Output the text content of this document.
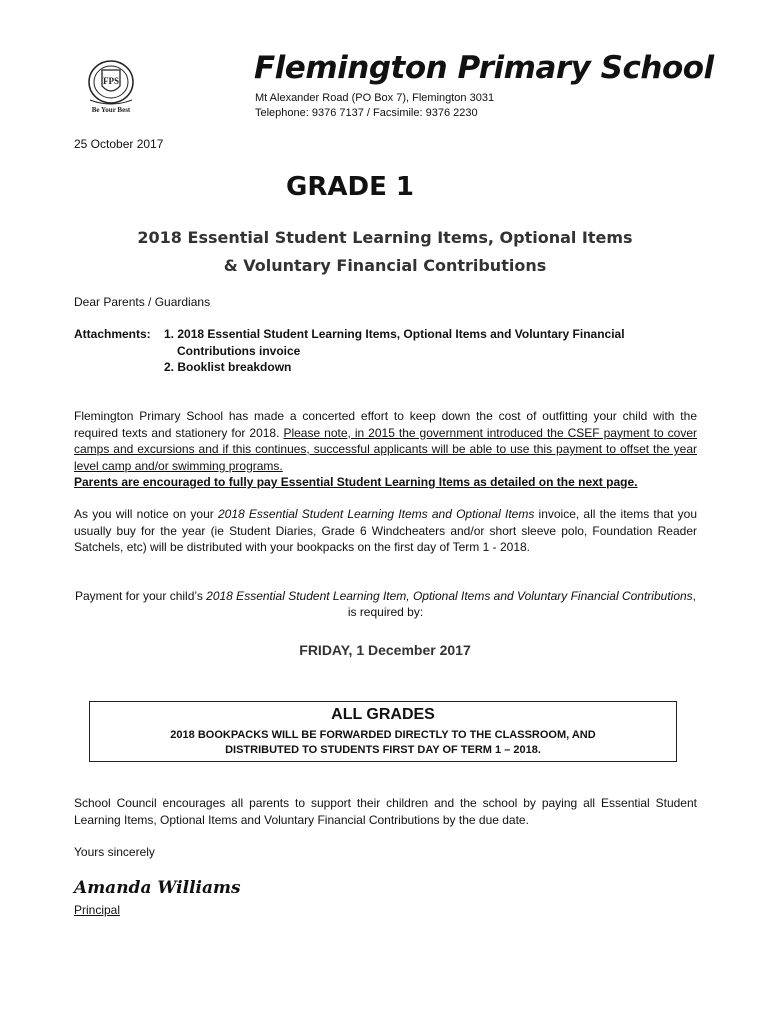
FPS
Be Your Best
Flemington Primary School
Mt Alexander Road (PO Box 7), Flemington 3031
Telephone: 9376 7137 / Facsimile: 9376 2230
25 October 2017
GRADE 1
2018 Essential Student Learning Items, Optional Items
& Voluntary Financial Contributions
Dear Parents / Guardians
Attachments: 1. 2018 Essential Student Learning Items, Optional Items and Voluntary Financial
Contributions invoice
2. Booklist breakdown
Flemington Primary School has made a concerted effort to keep down the cost of outfitting your child with the required texts and stationery for 2018. Please note, in 2015 the government introduced the CSEF payment to cover camps and excursions and if this continues, successful applicants will be able to use this payment to offset the year level camp and/or swimming programs.
Parents are encouraged to fully pay Essential Student Learning Items as detailed on the next page.
As you will notice on your 2018 Essential Student Learning Items and Optional Items invoice, all the items that you usually buy for the year (ie Student Diaries, Grade 6 Windcheaters and/or short sleeve polo, Foundation Reader Satchels, etc) will be distributed with your bookpacks on the first day of Term 1 - 2018.
Payment for your child’s 2018 Essential Student Learning Item, Optional Items and Voluntary Financial Contributions, is required by:
FRIDAY, 1 December 2017
ALL GRADES
2018 BOOKPACKS WILL BE FORWARDED DIRECTLY TO THE CLASSROOM, AND
DISTRIBUTED TO STUDENTS FIRST DAY OF TERM 1 – 2018.
School Council encourages all parents to support their children and the school by paying all Essential Student Learning Items, Optional Items and Voluntary Financial Contributions by the due date.
Yours sincerely
Amanda Williams
Principal
